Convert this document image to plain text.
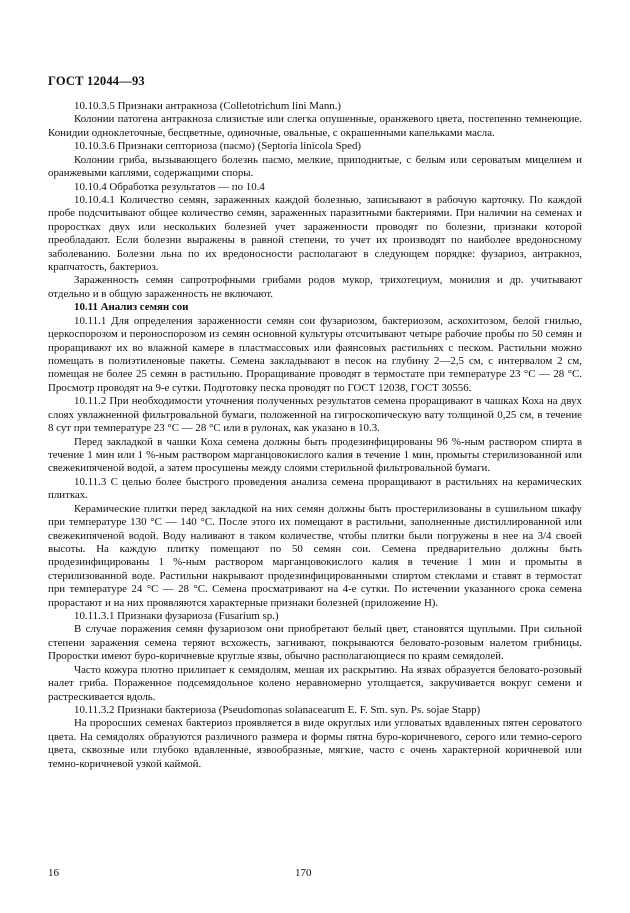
ГОСТ 12044—93

10.10.3.5 Признаки антракноза (Colletotrichum lini Mann.)

Колонии патогена антракноза слизистые или слегка опушенные, оранжевого цвета, постепенно темнеющие. Конидии одноклеточные, бесцветные, одиночные, овальные, с окрашенными капельками масла.

10.10.3.6 Признаки септориоза (пасмо) (Septoria linicola Sped)

Колонии гриба, вызывающего болезнь пасмо, мелкие, приподнятые, с белым или сероватым мицелием и оранжевыми каплями, содержащими споры.

10.10.4 Обработка результатов — по 10.4

10.10.4.1 Количество семян, зараженных каждой болезнью, записывают в рабочую карточку. По каждой пробе подсчитывают общее количество семян, зараженных паразитными бактериями. При наличии на семенах и проростках двух или нескольких болезней учет зараженности проводят по болезни, признаки которой преобладают. Если болезни выражены в равной степени, то учет их производят по наиболее вредоносному заболеванию. Болезни льна по их вредоносности располагают в следующем порядке: фузариоз, антракноз, крапчатость, бактериоз.

Зараженность семян сапротрофными грибами родов мукор, трихотециум, монилия и др. учитывают отдельно и в общую зараженность не включают.

10.11 Анализ семян сои

10.11.1 Для определения зараженности семян сои фузариозом, бактериозом, аскохитозом, белой гнилью, церкоспорозом и пероноспорозом из семян основной культуры отсчитывают четыре рабочие пробы по 50 семян и проращивают их во влажной камере в пластмассовых или фаянсовых растильнях с песком. Растильни можно помещать в полиэтиленовые пакеты. Семена закладывают в песок на глубину 2—2,5 см, с интервалом 2 см, помещая не более 25 семян в растильню. Проращивание проводят в термостате при температуре 23 °С — 28 °С. Просмотр проводят на 9-е сутки. Подготовку песка проводят по ГОСТ 12038, ГОСТ 30556.

10.11.2 При необходимости уточнения полученных результатов семена проращивают в чашках Коха на двух слоях увлажненной фильтровальной бумаги, положенной на гигроскопическую вату толщиной 0,25 см, в течение 8 сут при температуре 23 °С — 28 °С или в рулонах, как указано в 10.3.

Перед закладкой в чашки Коха семена должны быть продезинфицированы 96 %-ным раствором спирта в течение 1 мин или 1 %-ным раствором марганцовокислого калия в течение 1 мин, промыты стерилизованной или свежекипяченой водой, а затем просушены между слоями стерильной фильтровальной бумаги.

10.11.3 С целью более быстрого проведения анализа семена проращивают в растильнях на керамических плитках.

Керамические плитки перед закладкой на них семян должны быть простерилизованы в сушильном шкафу при температуре 130 °С — 140 °С. После этого их помещают в растильни, заполненные дистиллированной или свежекипяченой водой. Воду наливают в таком количестве, чтобы плитки были погружены в нее на 3/4 своей высоты. На каждую плитку помещают по 50 семян сои. Семена предварительно должны быть продезинфицированы 1 %-ным раствором марганцовокислого калия в течение 1 мин и промыты в стерилизованной воде. Растильни накрывают продезинфицированными спиртом стеклами и ставят в термостат при температуре 24 °С — 28 °С. Семена просматривают на 4-е сутки. По истечении указанного срока семена прорастают и на них проявляются характерные признаки болезней (приложение Н).

10.11.3.1 Признаки фузариоза (Fusarium sp.)

В случае поражения семян фузариозом они приобретают белый цвет, становятся щуплыми. При сильной степени заражения семена теряют всхожесть, загнивают, покрываются беловато-розовым налетом грибницы. Проростки имеют буро-коричневые круглые язвы, обычно располагающиеся по краям семядолей.

Часто кожура плотно прилипает к семядолям, мешая их раскрытию. На язвах образуется беловато-розовый налет гриба. Пораженное подсемядольное колено неравномерно утолщается, закручивается вокруг семени и растрескивается вдоль.

10.11.3.2 Признаки бактериоза (Pseudomonas solanacearum E. F. Sm. syn. Ps. sojae Stapp)

На проросших семенах бактериоз проявляется в виде округлых или угловатых вдавленных пятен сероватого цвета. На семядолях образуются различного размера и формы пятна буро-коричневого, серого или темно-серого цвета, сквозные или глубоко вдавленные, язвообразные, мягкие, часто с очень характерной коричневой или темно-коричневой узкой каймой.

16	170
